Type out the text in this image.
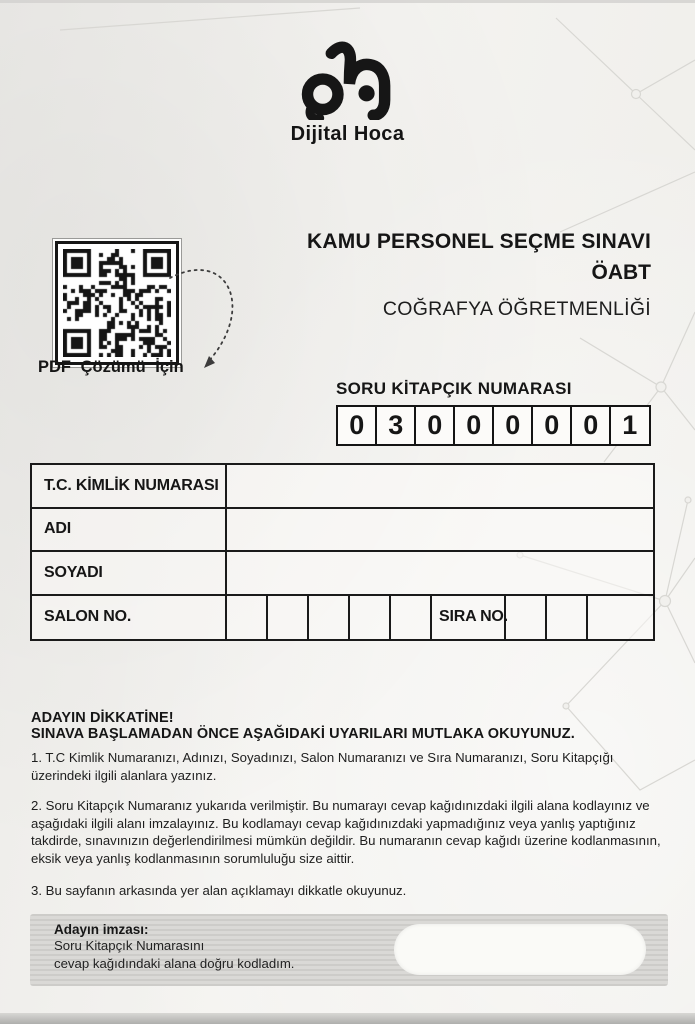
Dijital Hoca
KAMU PERSONEL SEÇME SINAVI
ÖABT
COĞRAFYA ÖĞRETMENLİĞİ
PDF Çözümü İçin
SORU KİTAPÇIK NUMARASI
0 3 0 0 0 0 0 1
T.C. KİMLİK NUMARASI
ADI
SOYADI
SALON NO.	SIRA NO.
ADAYIN DİKKATİNE!
SINAVA BAŞLAMADAN ÖNCE AŞAĞIDAKİ UYARILARI MUTLAKA OKUYUNUZ.

1. T.C Kimlik Numaranızı, Adınızı, Soyadınızı, Salon Numaranızı ve Sıra Numaranızı, Soru Kitapçığı üzerindeki ilgili alanlara yazınız.

2. Soru Kitapçık Numaranız yukarıda verilmiştir. Bu numarayı cevap kağıdınızdaki ilgili alana kodlayınız ve aşağıdaki ilgili alanı imzalayınız. Bu kodlamayı cevap kağıdınızdaki yapmadığınız veya yanlış yaptığınız takdirde, sınavınızın değerlendirilmesi mümkün değildir. Bu numaranın cevap kağıdı üzerine kodlanmasının, eksik veya yanlış kodlanmasının sorumluluğu size aittir.

3. Bu sayfanın arkasında yer alan açıklamayı dikkatle okuyunuz.

Adayın imzası:
Soru Kitapçık Numarasını
cevap kağıdındaki alana doğru kodladım.
